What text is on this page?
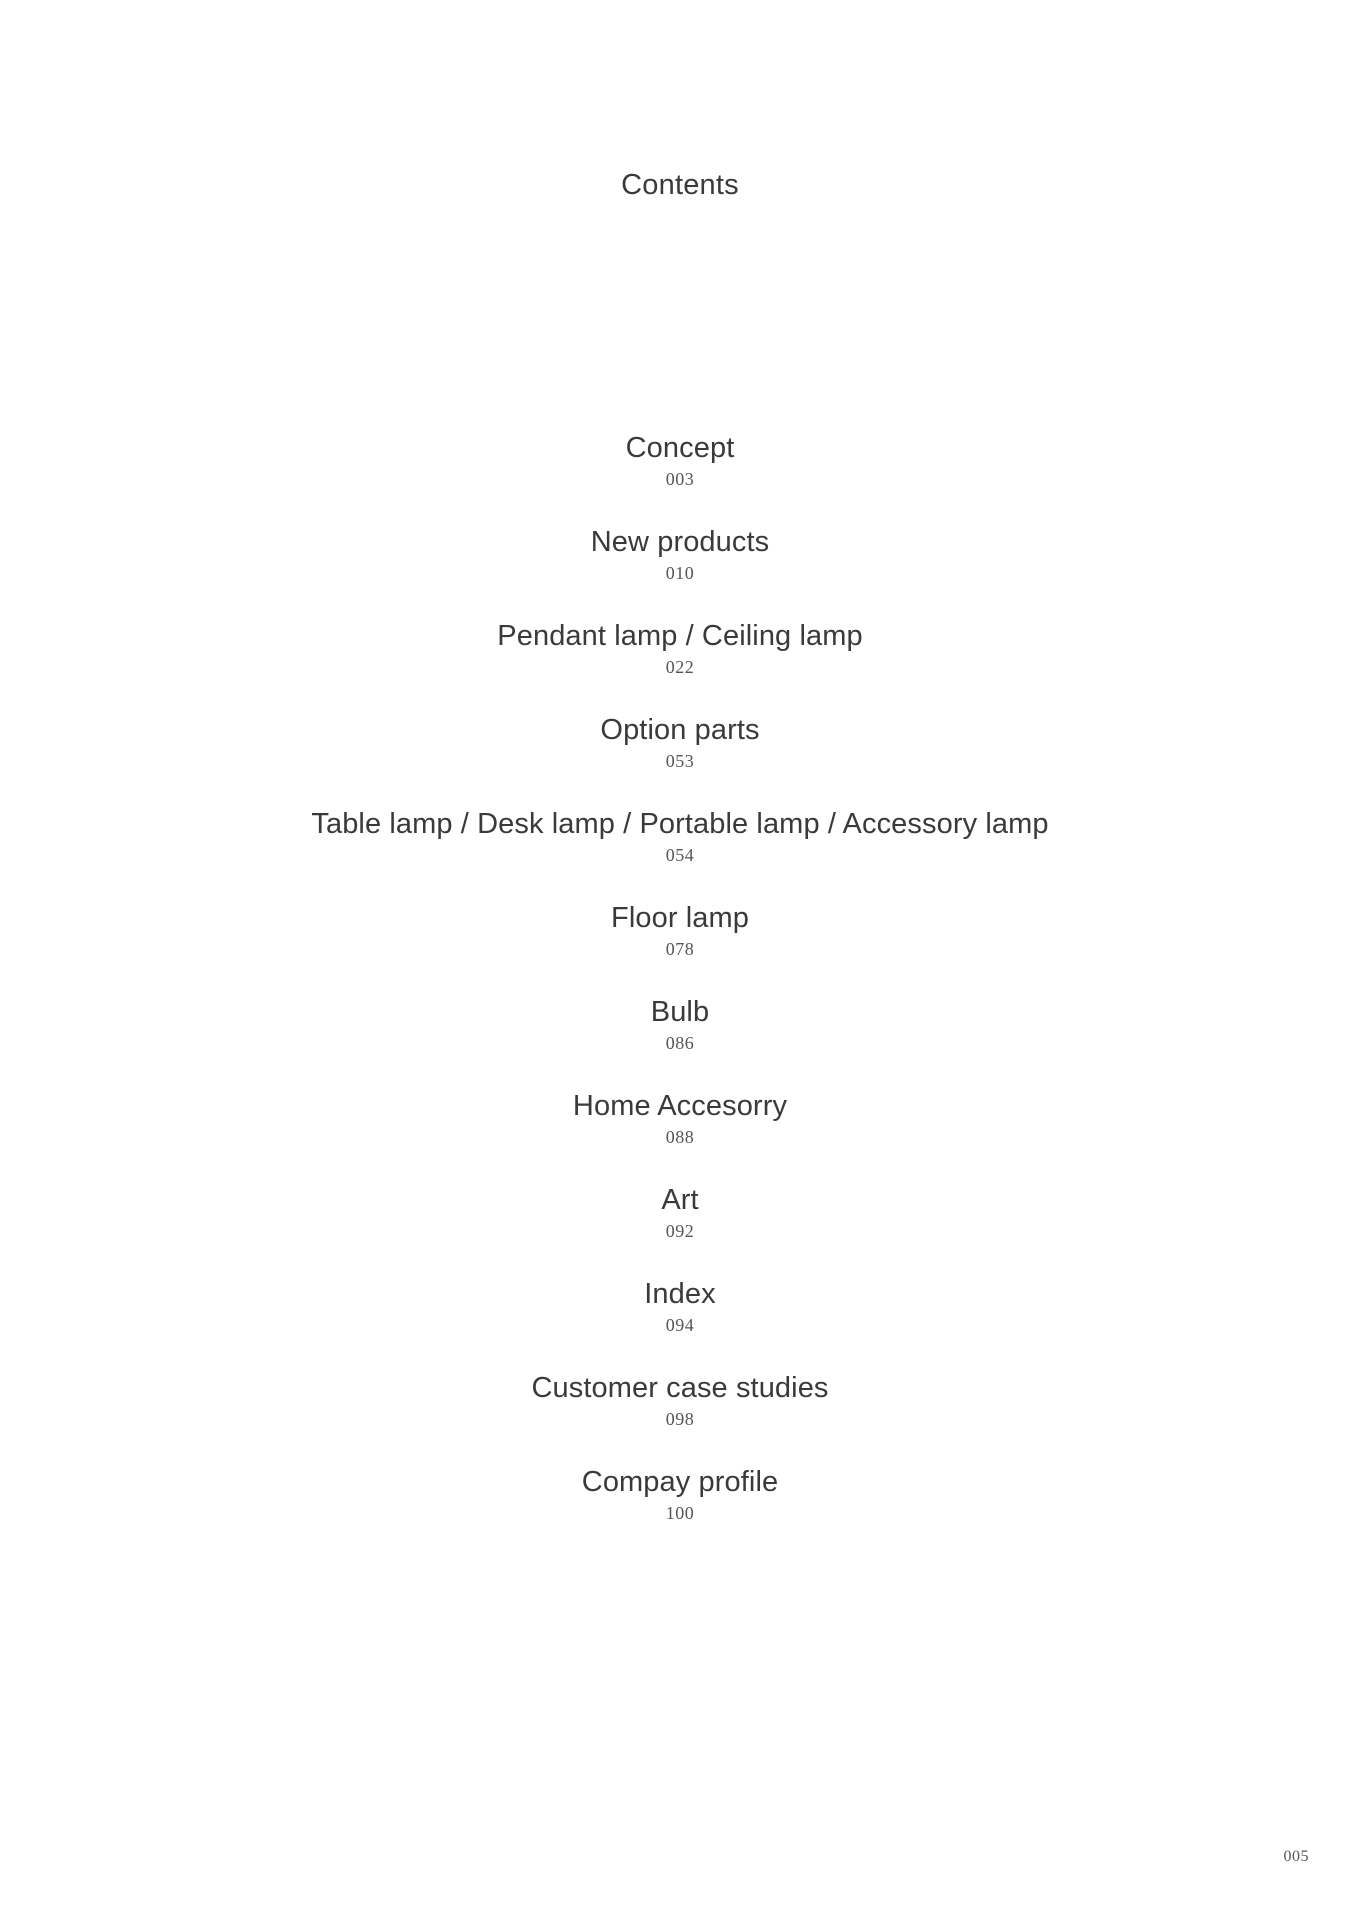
Contents
Concept
003
New products
010
Pendant lamp / Ceiling lamp
022
Option parts
053
Table lamp / Desk lamp / Portable lamp / Accessory lamp
054
Floor lamp
078
Bulb
086
Home Accesorry
088
Art
092
Index
094
Customer case studies
098
Compay profile
100
005
